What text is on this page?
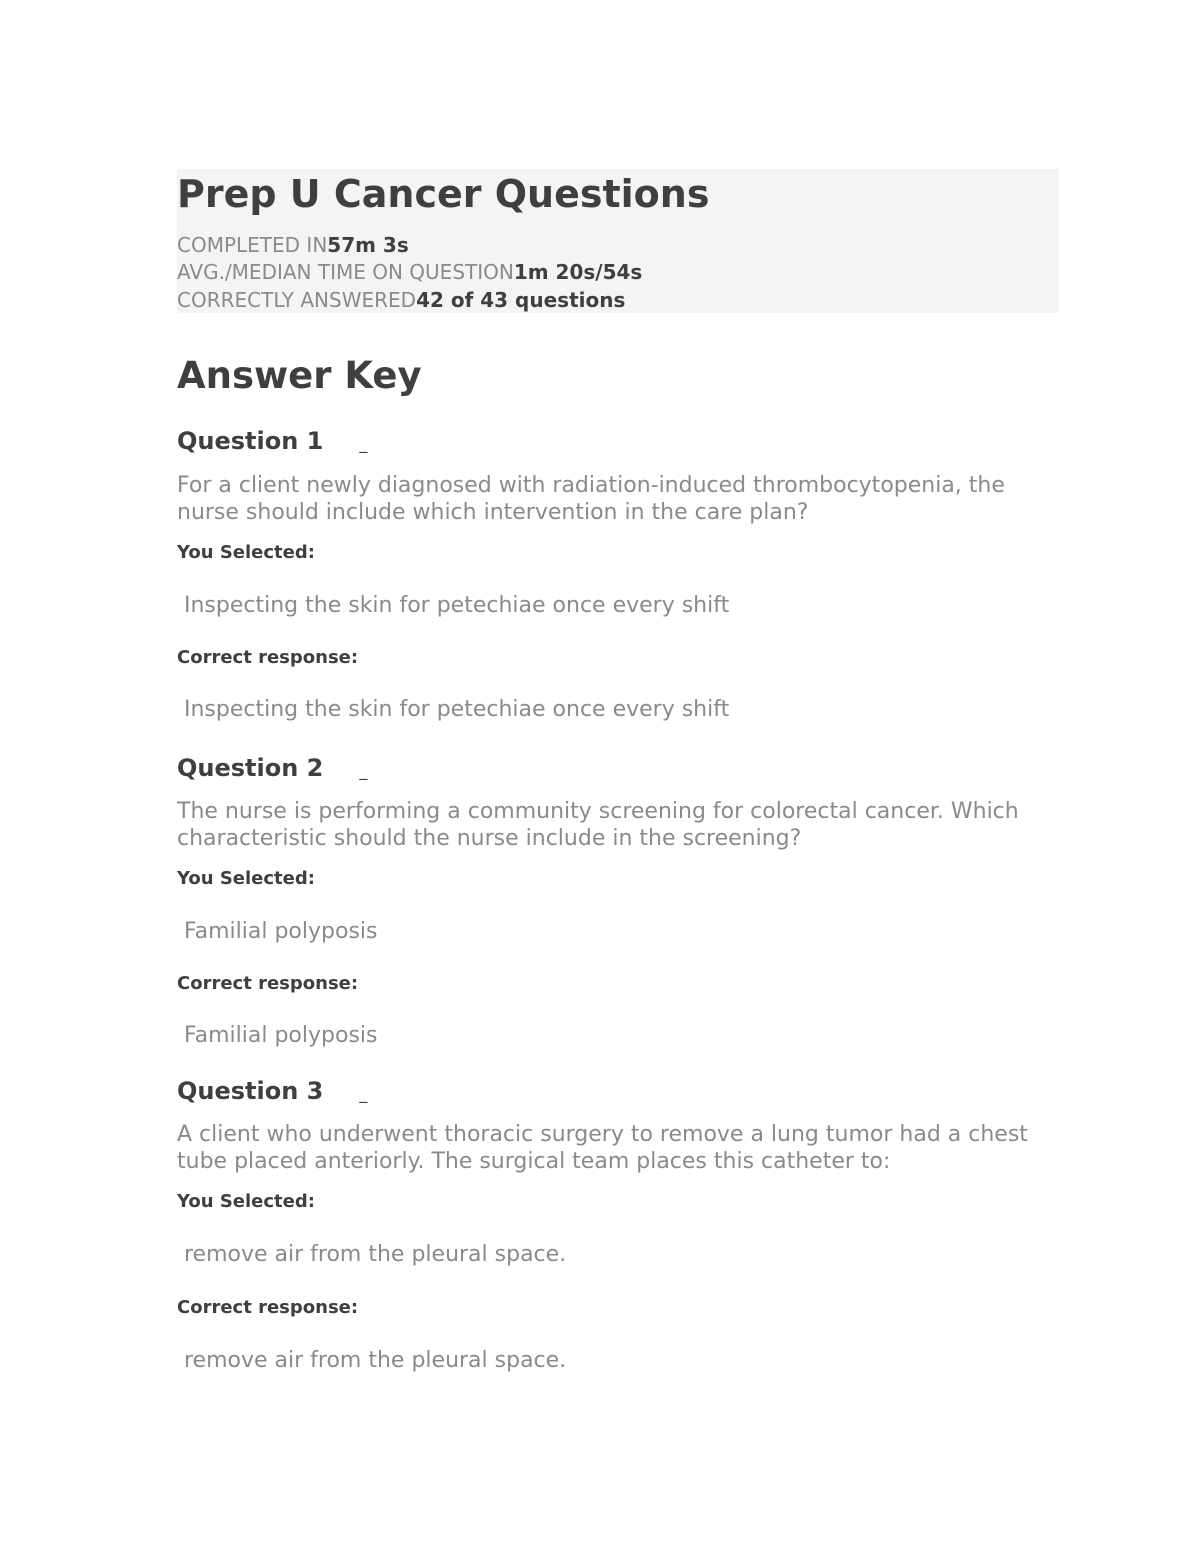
Prep U Cancer Questions
COMPLETED IN57m 3s
AVG./MEDIAN TIME ON QUESTION1m 20s/54s
CORRECTLY ANSWERED42 of 43 questions
Answer Key
Question 1 _

For a client newly diagnosed with radiation-induced thrombocytopenia, the nurse should include which intervention in the care plan?

You Selected:

Inspecting the skin for petechiae once every shift

Correct response:

Inspecting the skin for petechiae once every shift

Question 2 _

The nurse is performing a community screening for colorectal cancer. Which characteristic should the nurse include in the screening?

You Selected:

Familial polyposis

Correct response:

Familial polyposis

Question 3 _

A client who underwent thoracic surgery to remove a lung tumor had a chest tube placed anteriorly. The surgical team places this catheter to:

You Selected:

remove air from the pleural space.

Correct response:

remove air from the pleural space.
